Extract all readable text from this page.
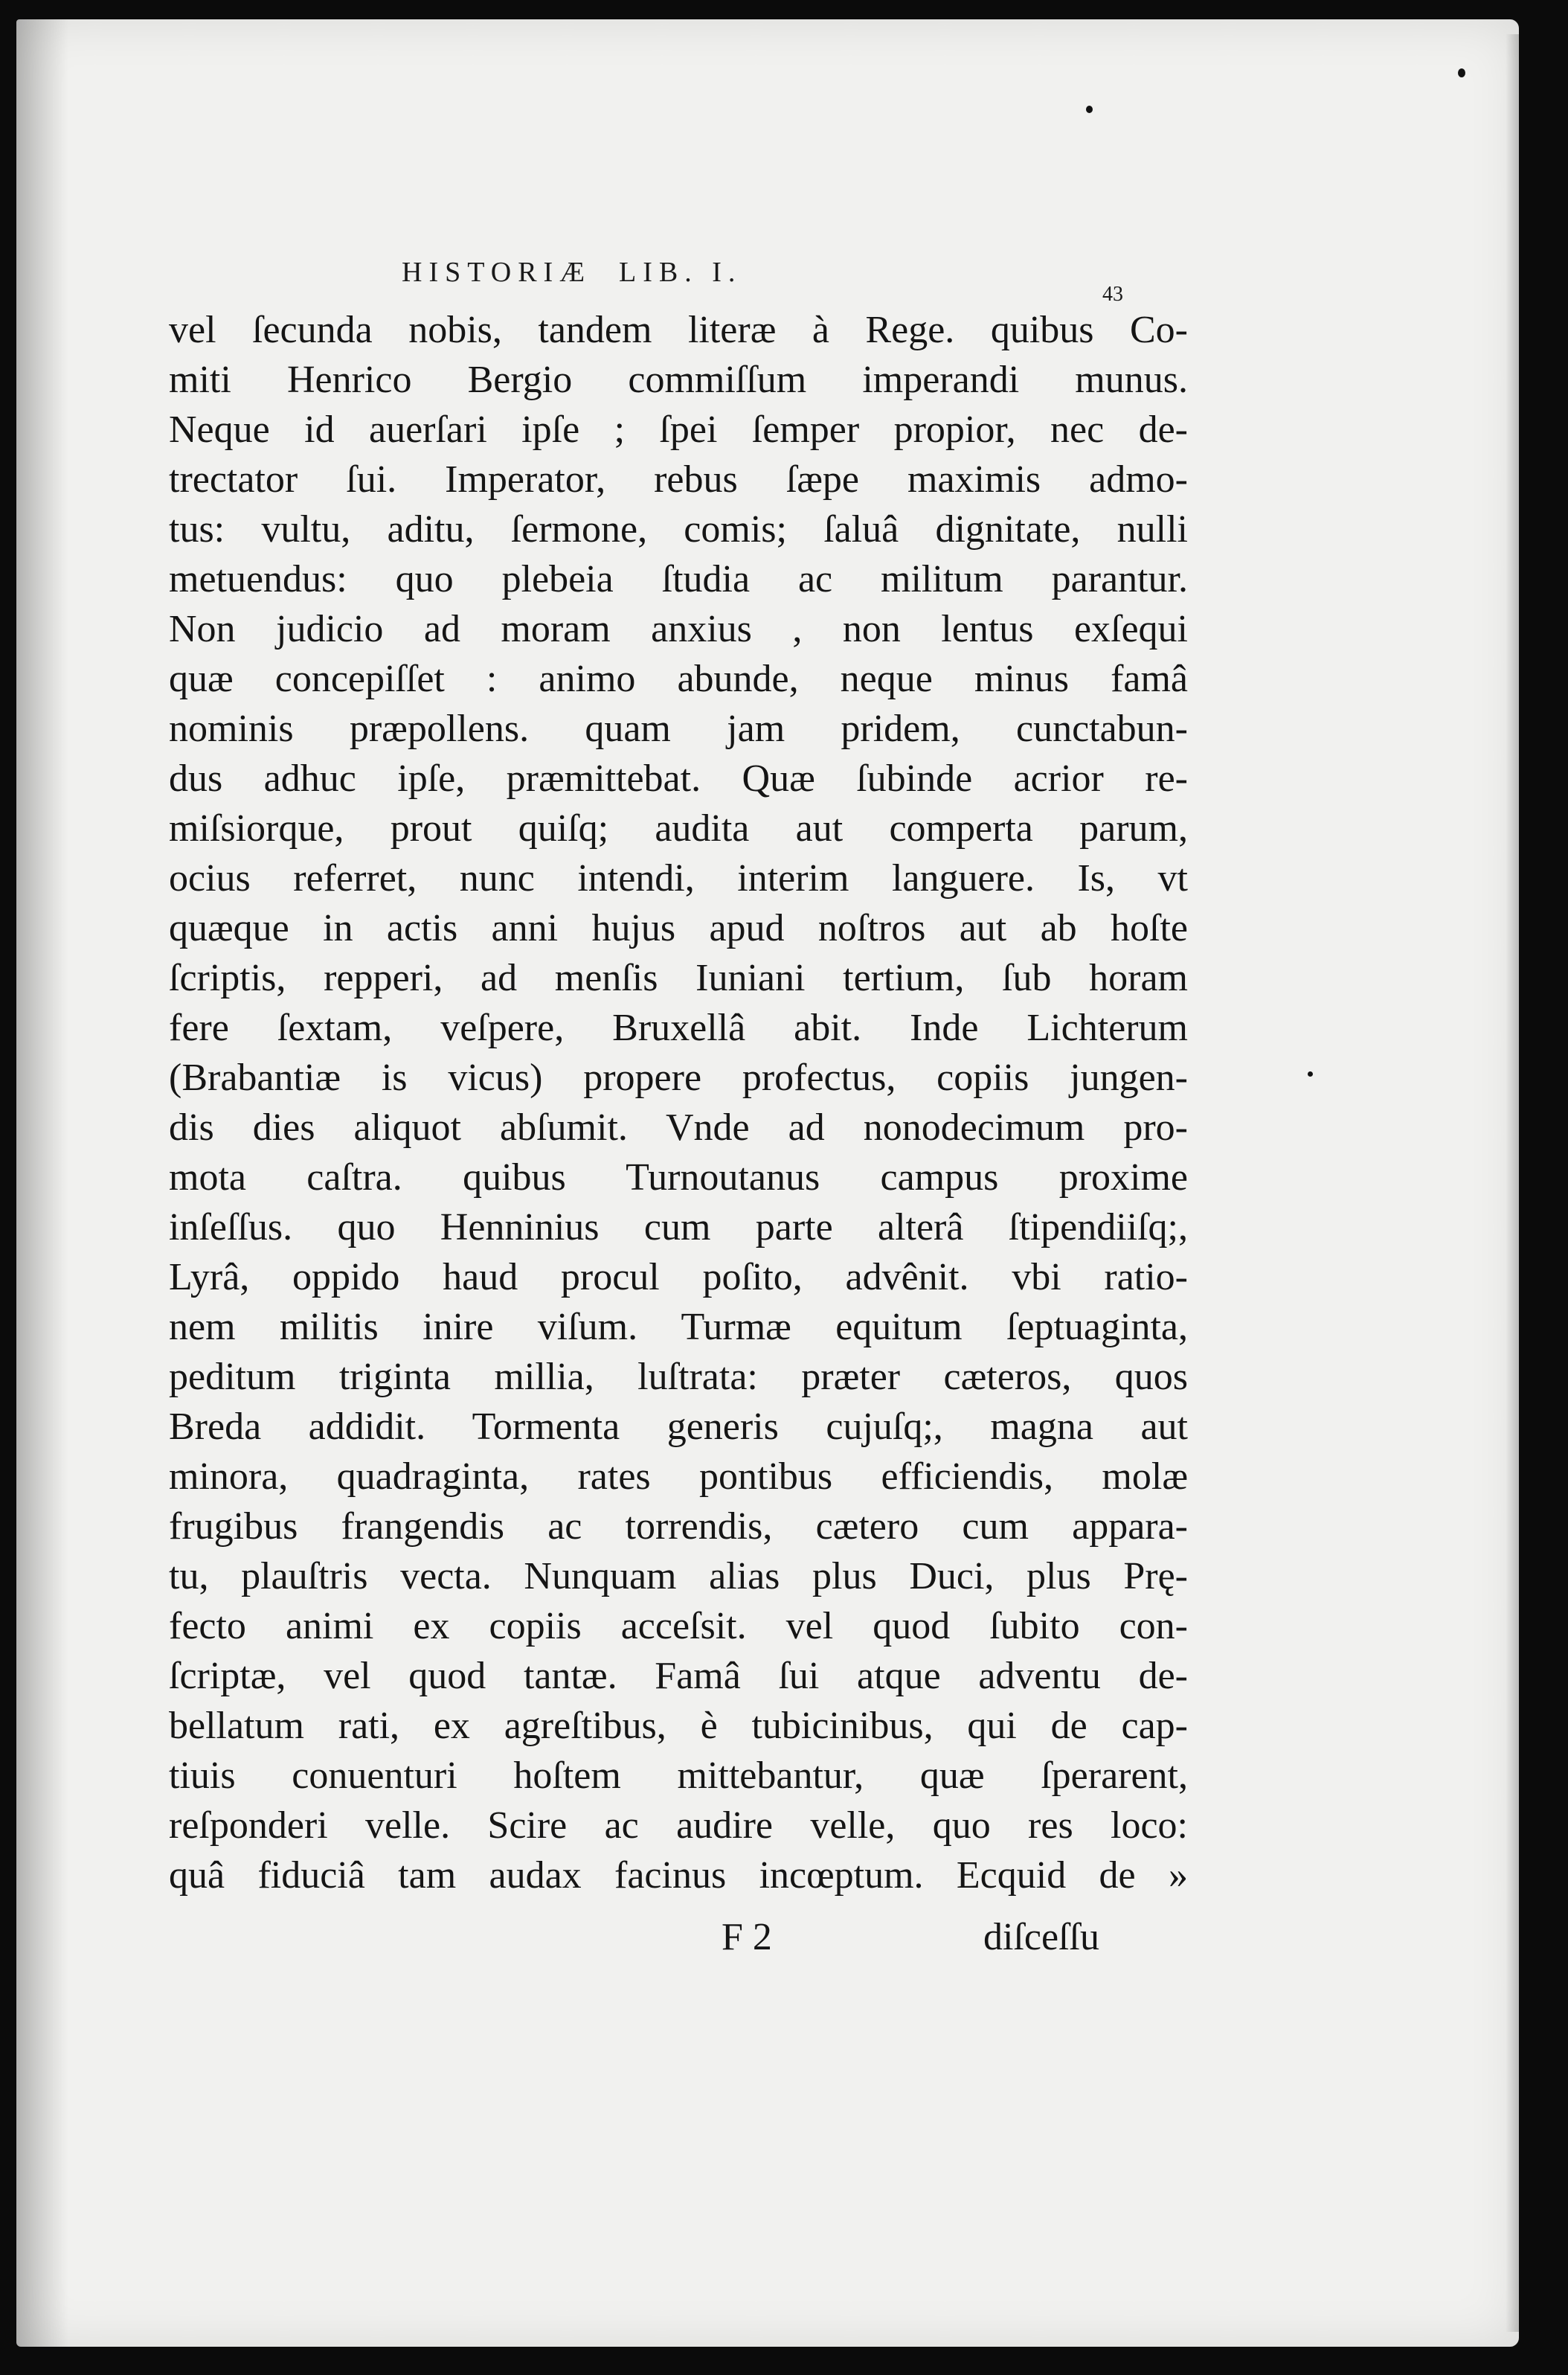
HISTORIÆ  LIB. I.
43
vel ſecunda nobis, tandem literæ à Rege. quibus Co-
miti Henrico Bergio commiſſum imperandi munus.
Neque id auerſari ipſe ; ſpei ſemper propior, nec de-
trectator ſui. Imperator, rebus ſæpe maximis admo-
tus: vultu, aditu, ſermone, comis; ſaluâ dignitate, nulli
metuendus: quo plebeia ſtudia ac militum parantur.
Non judicio ad moram anxius , non lentus exſequi
quæ concepiſſet : animo abunde, neque minus famâ
nominis præpollens. quam jam pridem, cunctabun-
dus adhuc ipſe, præmittebat. Quæ ſubinde acrior re-
miſsiorque, prout quiſq; audita aut comperta parum,
ocius referret, nunc intendi, interim languere. Is, vt
quæque in actis anni hujus apud noſtros aut ab hoſte
ſcriptis, repperi, ad menſis Iuniani tertium, ſub horam
fere ſextam, veſpere, Bruxellâ abit. Inde Lichterum
(Brabantiæ is vicus) propere profectus, copiis jungen-
dis dies aliquot abſumit. Vnde ad nonodecimum pro-
mota caſtra. quibus Turnoutanus campus proxime
inſeſſus. quo Henninius cum parte alterâ ſtipendiiſq;,
Lyrâ, oppido haud procul poſito, advênit. vbi ratio-
nem militis inire viſum. Turmæ equitum ſeptuaginta,
peditum triginta millia, luſtrata: præter cæteros, quos
Breda addidit. Tormenta generis cujuſq;, magna aut
minora, quadraginta, rates pontibus efficiendis, molæ
frugibus frangendis ac torrendis, cætero cum appara-
tu, plauſtris vecta. Nunquam alias plus Duci, plus Prę-
fecto animi ex copiis acceſsit. vel quod ſubito con-
ſcriptæ, vel quod tantæ. Famâ ſui atque adventu de-
bellatum rati, ex agreſtibus, è tubicinibus, qui de cap-
tiuis conuenturi hoſtem mittebantur, quæ ſperarent,
reſponderi velle. Scire ac audire velle, quo res loco:
quâ fiduciâ tam audax facinus incœptum. Ecquid de »
F 2	diſceſſu
